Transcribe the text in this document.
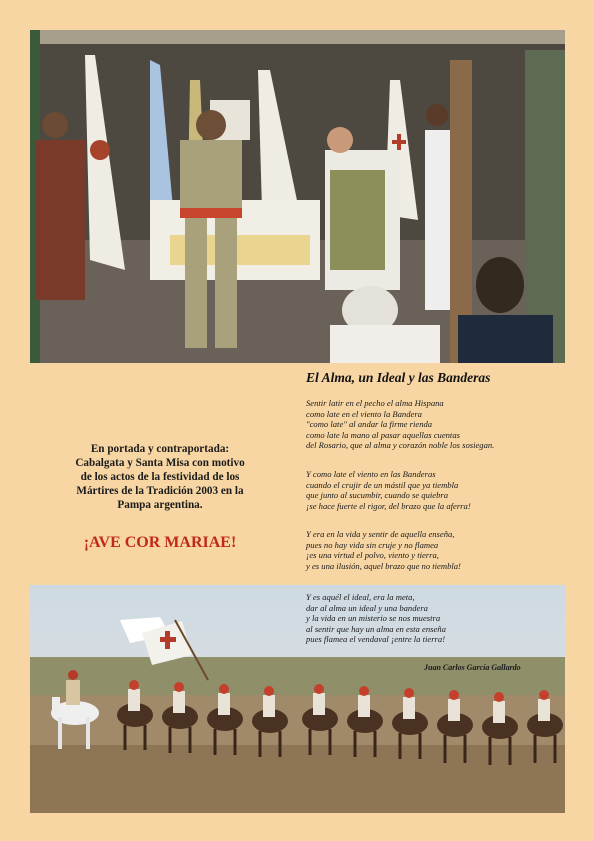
En portada y contraportada:
Cabalgata y Santa Misa con motivo
de los actos de la festividad de los
Mártires de la Tradición 2003 en la
Pampa argentina.
¡AVE COR MARIAE!
El Alma, un Ideal y las Banderas
Sentir latir en el pecho el alma Hispana
como late en el viento la Bandera
"como late" al andar la firme rienda
como late la mano al pasar aquellas cuentas
del Rosario, que al alma y corazón noble los sosiegan.
Y como late el viento en las Banderas
cuando el crujir de un mástil que ya tiembla
que junto al sucumbir, cuando se quiebra
¡se hace fuerte el rigor, del brazo que la aferra!
Y era en la vida y sentir de aquella enseña,
pues no hay vida sin cruje y no flamea
¡es una virtud el polvo, viento y tierra,
y es una ilusión, aquel brazo que no tiembla!
Y es aquél el ideal, era la meta,
dar al alma un ideal y una bandera
y la vida en un misterio se nos muestra
al sentir que hay un alma en esta enseña
pues flamea el vendaval ¡entre la tierra!
Juan Carlos García Gallardo
